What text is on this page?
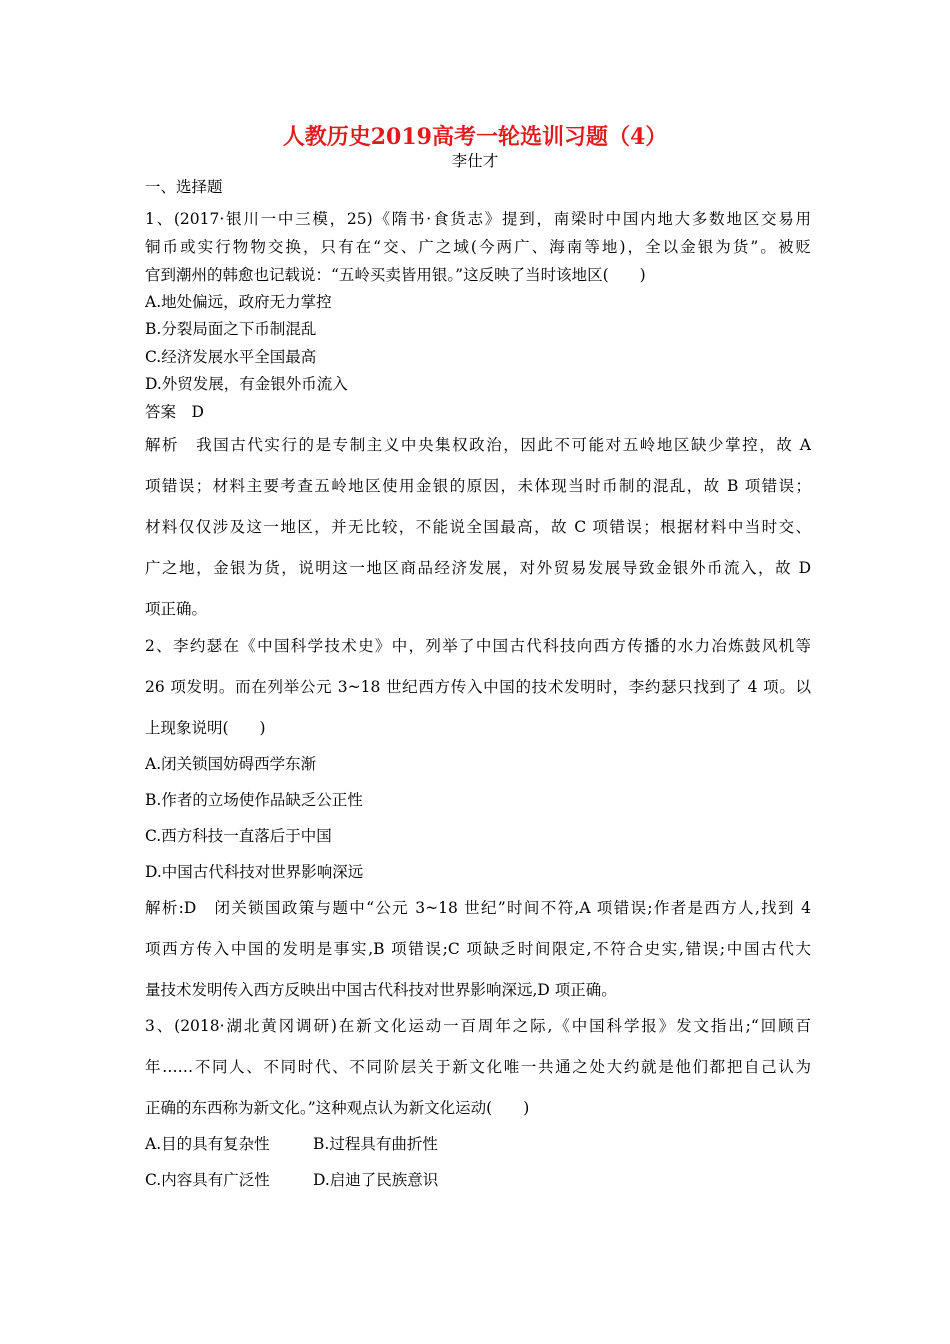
人教历史2019高考一轮选训习题（4）
李仕才
一、选择题
1、(2017·银川一中三模，25)《隋书·食货志》提到，南梁时中国内地大多数地区交易用
铜币或实行物物交换，只有在“交、广之域(今两广、海南等地)，全以金银为货”。被贬
官到潮州的韩愈也记载说：“五岭买卖皆用银。”这反映了当时该地区(　　)
A.地处偏远，政府无力掌控
B.分裂局面之下币制混乱
C.经济发展水平全国最高
D.外贸发展，有金银外币流入
答案　D
解析　我国古代实行的是专制主义中央集权政治，因此不可能对五岭地区缺少掌控，故 A
项错误；材料主要考查五岭地区使用金银的原因，未体现当时币制的混乱，故 B 项错误；
材料仅仅涉及这一地区，并无比较，不能说全国最高，故 C 项错误；根据材料中当时交、
广之地，金银为货，说明这一地区商品经济发展，对外贸易发展导致金银外币流入，故 D
项正确。
2、李约瑟在《中国科学技术史》中，列举了中国古代科技向西方传播的水力冶炼鼓风机等
26 项发明。而在列举公元 3~18 世纪西方传入中国的技术发明时，李约瑟只找到了 4 项。以
上现象说明(　　)
A.闭关锁国妨碍西学东渐
B.作者的立场使作品缺乏公正性
C.西方科技一直落后于中国
D.中国古代科技对世界影响深远
解析:D　闭关锁国政策与题中“公元 3~18 世纪”时间不符,A 项错误;作者是西方人,找到 4
项西方传入中国的发明是事实,B 项错误;C 项缺乏时间限定,不符合史实,错误;中国古代大
量技术发明传入西方反映出中国古代科技对世界影响深远,D 项正确。
3、(2018·湖北黄冈调研)在新文化运动一百周年之际,《中国科学报》发文指出;“回顾百
年……不同人、不同时代、不同阶层关于新文化唯一共通之处大约就是他们都把自己认为
正确的东西称为新文化。”这种观点认为新文化运动(　　)
A.目的具有复杂性	B.过程具有曲折性
C.内容具有广泛性	D.启迪了民族意识
